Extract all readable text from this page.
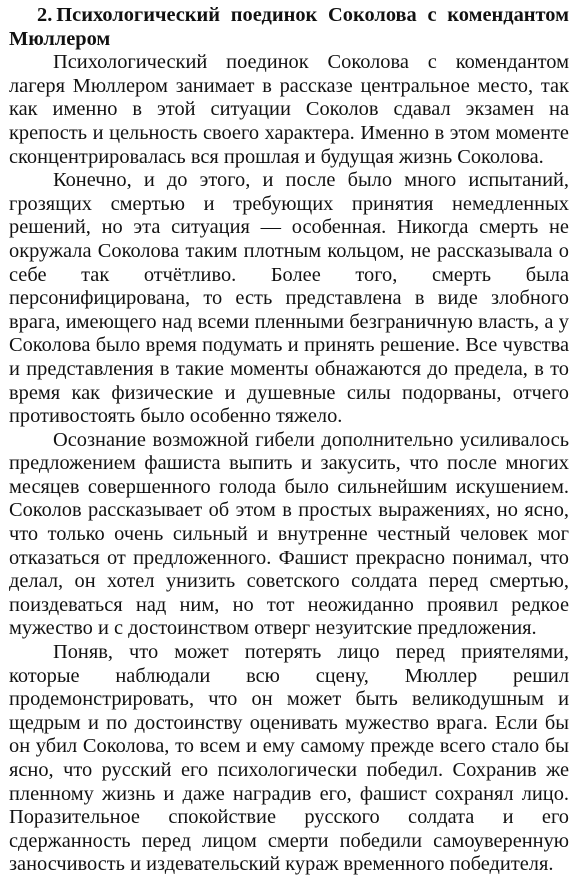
2. Психологический поединок Соколова с комендантом Мюллером

Психологический поединок Соколова с комендантом лагеря Мюллером занимает в рассказе центральное место, так как именно в этой ситуации Соколов сдавал экзамен на крепость и цельность своего характера. Именно в этом моменте сконцентрировалась вся прошлая и будущая жизнь Соколова.

Конечно, и до этого, и после было много испытаний, грозящих смертью и требующих принятия немедленных решений, но эта ситуация — особенная. Никогда смерть не окружала Соколова таким плотным кольцом, не рассказывала о себе так отчётливо. Более того, смерть была персонифицирована, то есть представлена в виде злобного врага, имеющего над всеми пленными безграничную власть, а у Соколова было время подумать и принять решение. Все чувства и представления в такие моменты обнажаются до предела, в то время как физические и душевные силы подорваны, отчего противостоять было особенно тяжело.

Осознание возможной гибели дополнительно усиливалось предложением фашиста выпить и закусить, что после многих месяцев совершенного голода было сильнейшим искушением. Соколов рассказывает об этом в простых выражениях, но ясно, что только очень сильный и внутренне честный человек мог отказаться от предложенного. Фашист прекрасно понимал, что делал, он хотел унизить советского солдата перед смертью, поиздеваться над ним, но тот неожиданно проявил редкое мужество и с достоинством отверг незуитские предложения.

Поняв, что может потерять лицо перед приятелями, которые наблюдали всю сцену, Мюллер решил продемонстрировать, что он может быть великодушным и щедрым и по достоинству оценивать мужество врага. Если бы он убил Соколова, то всем и ему самому прежде всего стало бы ясно, что русский его психологически победил. Сохранив же пленному жизнь и даже наградив его, фашист сохранял лицо. Поразительное спокойствие русского солдата и его сдержанность перед лицом смерти победили самоуверенную заносчивость и издевательский кураж временного победителя.
